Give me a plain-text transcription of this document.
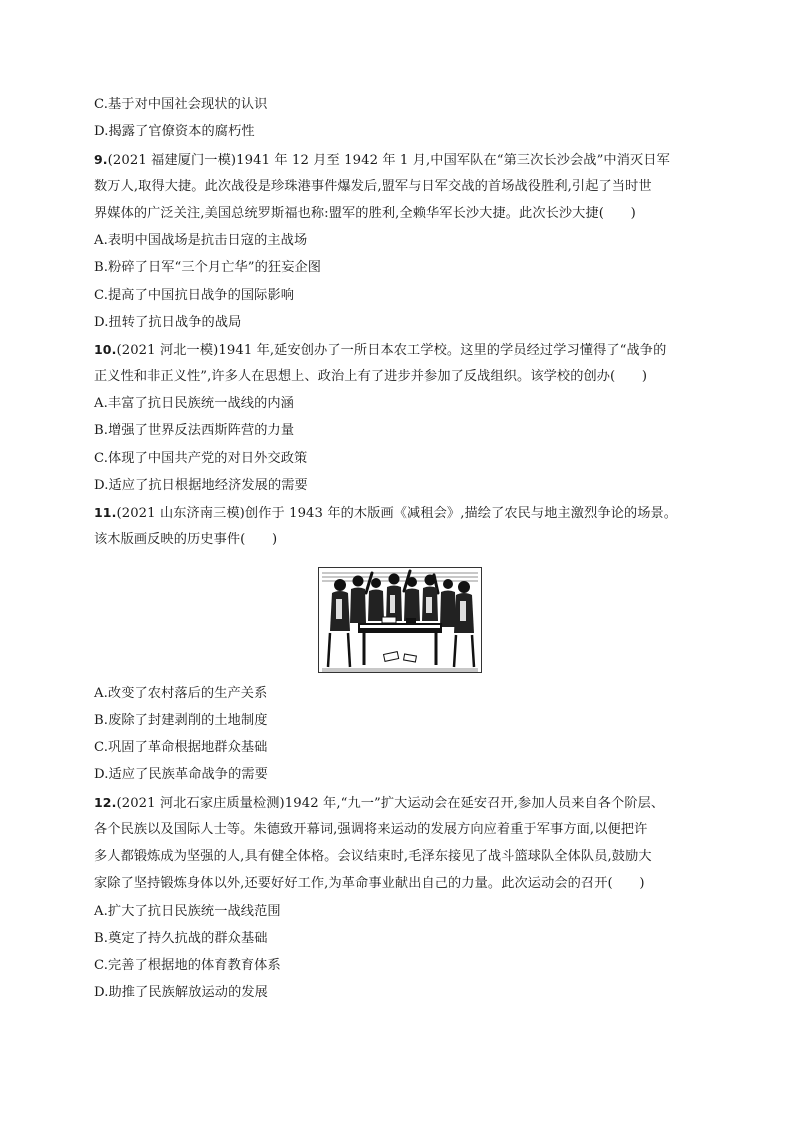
C.基于对中国社会现状的认识
D.揭露了官僚资本的腐朽性
9.(2021 福建厦门一模)1941 年 12 月至 1942 年 1 月,中国军队在“第三次长沙会战”中消灭日军
数万人,取得大捷。此次战役是珍珠港事件爆发后,盟军与日军交战的首场战役胜利,引起了当时世
界媒体的广泛关注,美国总统罗斯福也称:盟军的胜利,全赖华军长沙大捷。此次长沙大捷(　　)
A.表明中国战场是抗击日寇的主战场
B.粉碎了日军“三个月亡华”的狂妄企图
C.提高了中国抗日战争的国际影响
D.扭转了抗日战争的战局
10.(2021 河北一模)1941 年,延安创办了一所日本农工学校。这里的学员经过学习懂得了“战争的
正义性和非正义性”,许多人在思想上、政治上有了进步并参加了反战组织。该学校的创办(　　)
A.丰富了抗日民族统一战线的内涵
B.增强了世界反法西斯阵营的力量
C.体现了中国共产党的对日外交政策
D.适应了抗日根据地经济发展的需要
11.(2021 山东济南三模)创作于 1943 年的木版画《减租会》,描绘了农民与地主激烈争论的场景。
该木版画反映的历史事件(　　)
A.改变了农村落后的生产关系
B.废除了封建剥削的土地制度
C.巩固了革命根据地群众基础
D.适应了民族革命战争的需要
12.(2021 河北石家庄质量检测)1942 年,“九一”扩大运动会在延安召开,参加人员来自各个阶层、
各个民族以及国际人士等。朱德致开幕词,强调将来运动的发展方向应着重于军事方面,以便把许
多人都锻炼成为坚强的人,具有健全体格。会议结束时,毛泽东接见了战斗篮球队全体队员,鼓励大
家除了坚持锻炼身体以外,还要好好工作,为革命事业献出自己的力量。此次运动会的召开(　　)
A.扩大了抗日民族统一战线范围
B.奠定了持久抗战的群众基础
C.完善了根据地的体育教育体系
D.助推了民族解放运动的发展
